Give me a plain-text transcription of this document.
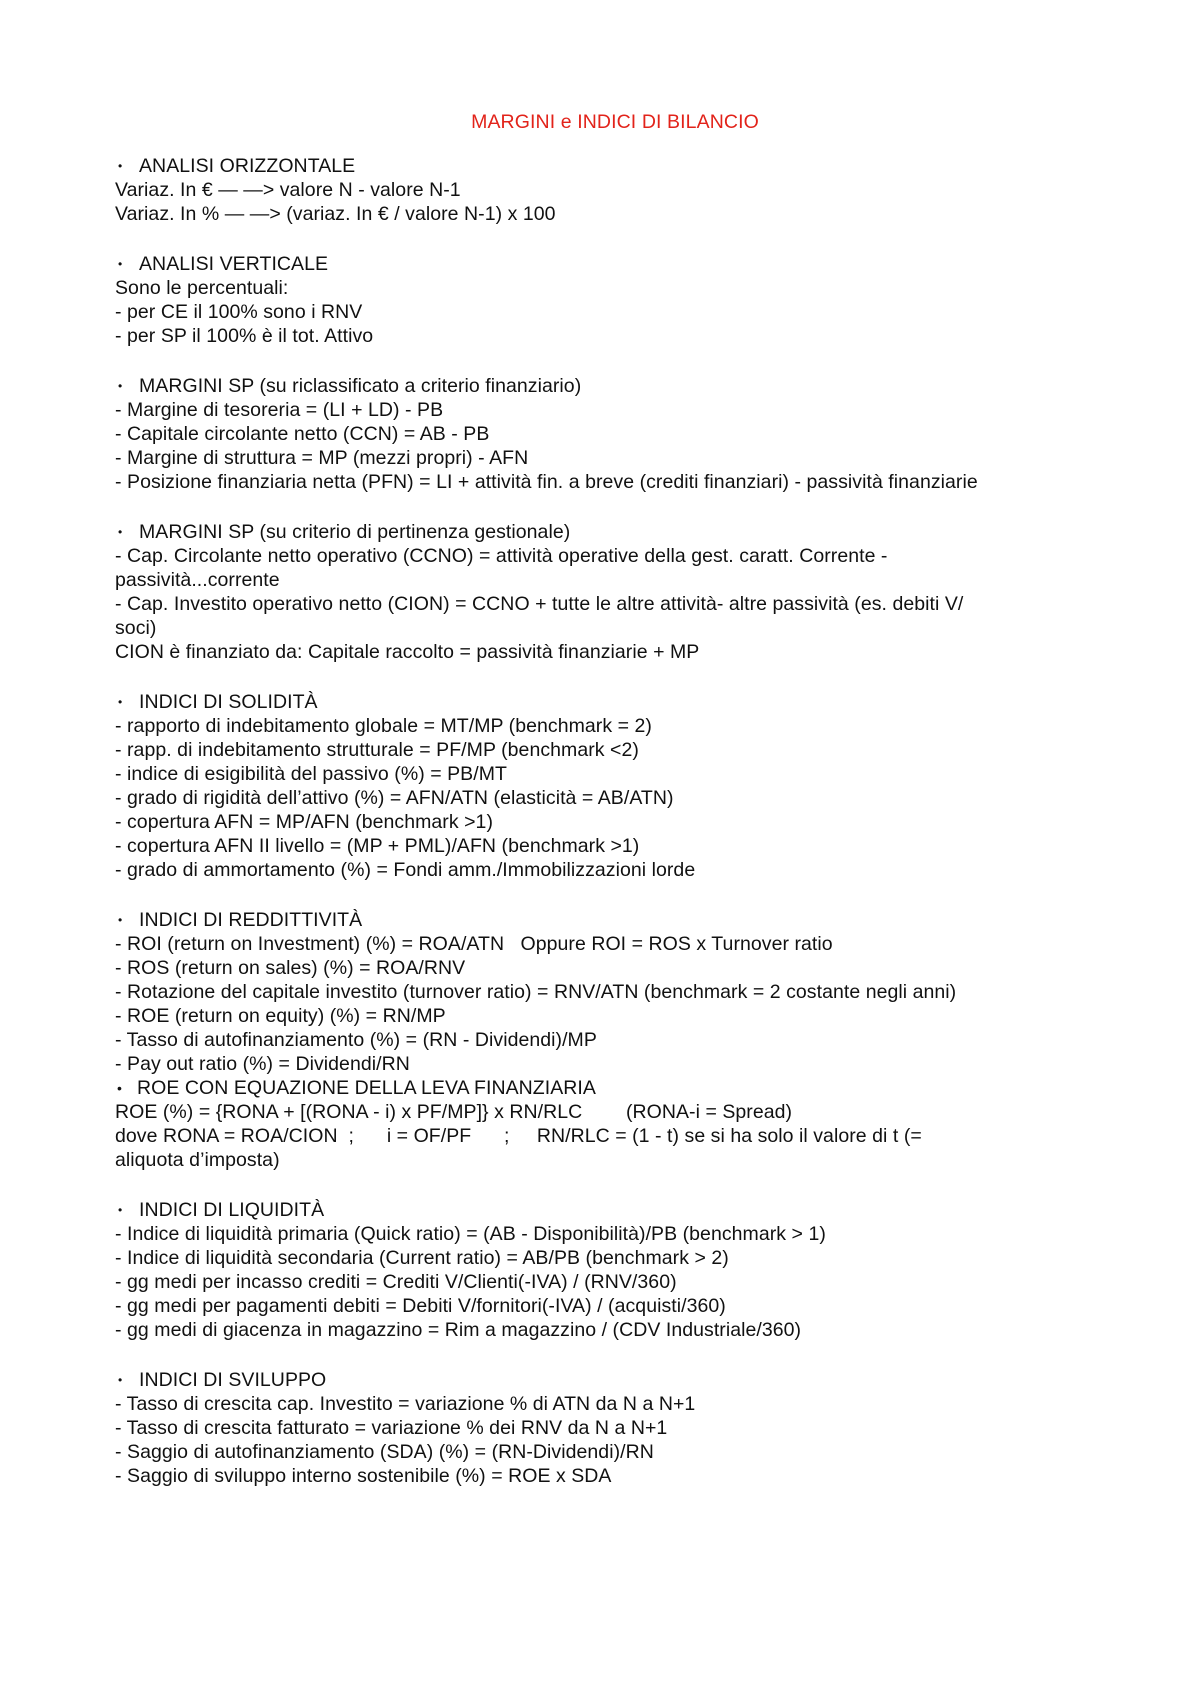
MARGINI e INDICI DI BILANCIO
• ANALISI ORIZZONTALE
Variaz. In € — —> valore N - valore N-1
Variaz. In % — —> (variaz. In € / valore N-1) x 100
• ANALISI VERTICALE
Sono le percentuali:
- per CE il 100% sono i RNV
- per SP il 100% è il tot. Attivo
• MARGINI SP (su riclassificato a criterio finanziario)
- Margine di tesoreria = (LI + LD) - PB
- Capitale circolante netto (CCN) = AB - PB
- Margine di struttura = MP (mezzi propri) - AFN
- Posizione finanziaria netta (PFN) = LI + attività fin. a breve (crediti finanziari) - passività finanziarie
• MARGINI SP (su criterio di pertinenza gestionale)
- Cap. Circolante netto operativo (CCNO) = attività operative della gest. caratt. Corrente -
passività...corrente
- Cap. Investito operativo netto (CION) = CCNO + tutte le altre attività- altre passività (es. debiti V/
soci)
CION è finanziato da: Capitale raccolto = passività finanziarie + MP
• INDICI DI SOLIDITÀ
- rapporto di indebitamento globale = MT/MP (benchmark = 2)
- rapp. di indebitamento strutturale = PF/MP (benchmark <2)
- indice di esigibilità del passivo (%) = PB/MT
- grado di rigidità dell’attivo (%) = AFN/ATN (elasticità = AB/ATN)
- copertura AFN = MP/AFN (benchmark >1)
- copertura AFN II livello = (MP + PML)/AFN (benchmark >1)
- grado di ammortamento (%) = Fondi amm./Immobilizzazioni lorde
• INDICI DI REDDITTIVITÀ
- ROI (return on Investment) (%) = ROA/ATN   Oppure ROI = ROS x Turnover ratio
- ROS (return on sales) (%) = ROA/RNV
- Rotazione del capitale investito (turnover ratio) = RNV/ATN (benchmark = 2 costante negli anni)
- ROE (return on equity) (%) = RN/MP
- Tasso di autofinanziamento (%) = (RN - Dividendi)/MP
- Pay out ratio (%) = Dividendi/RN
• ROE CON EQUAZIONE DELLA LEVA FINANZIARIA
ROE (%) = {RONA + [(RONA - i) x PF/MP]} x RN/RLC        (RONA-i = Spread)
dove RONA = ROA/CION  ;      i = OF/PF      ;     RN/RLC = (1 - t) se si ha solo il valore di t (=
aliquota d’imposta)
• INDICI DI LIQUIDITÀ
- Indice di liquidità primaria (Quick ratio) = (AB - Disponibilità)/PB (benchmark > 1)
- Indice di liquidità secondaria (Current ratio) = AB/PB (benchmark > 2)
- gg medi per incasso crediti = Crediti V/Clienti(-IVA) / (RNV/360)
- gg medi per pagamenti debiti = Debiti V/fornitori(-IVA) / (acquisti/360)
- gg medi di giacenza in magazzino = Rim a magazzino / (CDV Industriale/360)
• INDICI DI SVILUPPO
- Tasso di crescita cap. Investito = variazione % di ATN da N a N+1
- Tasso di crescita fatturato = variazione % dei RNV da N a N+1
- Saggio di autofinanziamento (SDA) (%) = (RN-Dividendi)/RN
- Saggio di sviluppo interno sostenibile (%) = ROE x SDA
